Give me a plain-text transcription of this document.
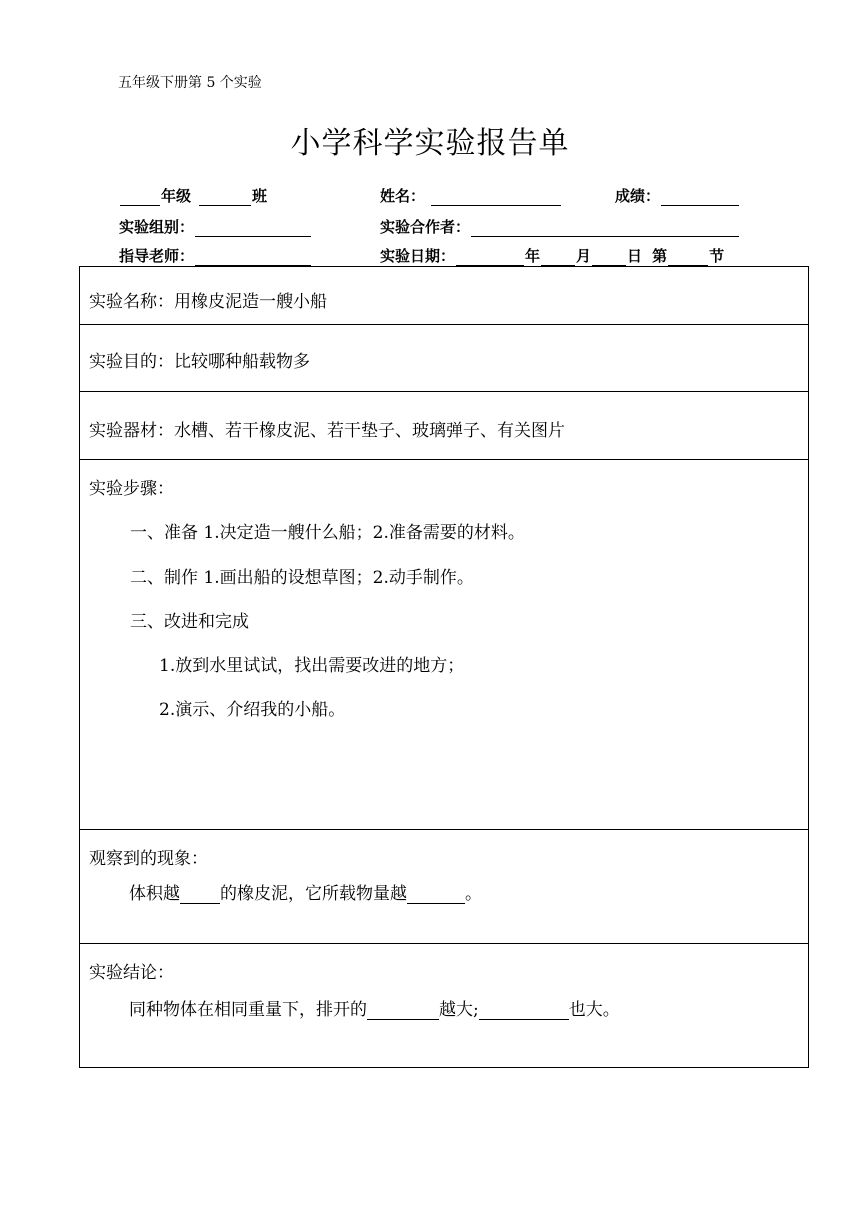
五年级下册第 5 个实验
小学科学实验报告单
年级	班	姓名：	成绩：
实验组别：	实验合作者：
指导老师：	实验日期：	年 月 日 第	节
实验名称：用橡皮泥造一艘小船
实验目的：比较哪种船载物多
实验器材：水槽、若干橡皮泥、若干垫子、玻璃弹子、有关图片
实验步骤：
一、准备 1.决定造一艘什么船；2.准备需要的材料。
二、制作 1.画出船的设想草图；2.动手制作。
三、改进和完成
1.放到水里试试，找出需要改进的地方；
2.演示、介绍我的小船。
观察到的现象：
体积越 的橡皮泥，它所载物量越	。
实验结论：
同种物体在相同重量下，排开的	越大;	也大。
